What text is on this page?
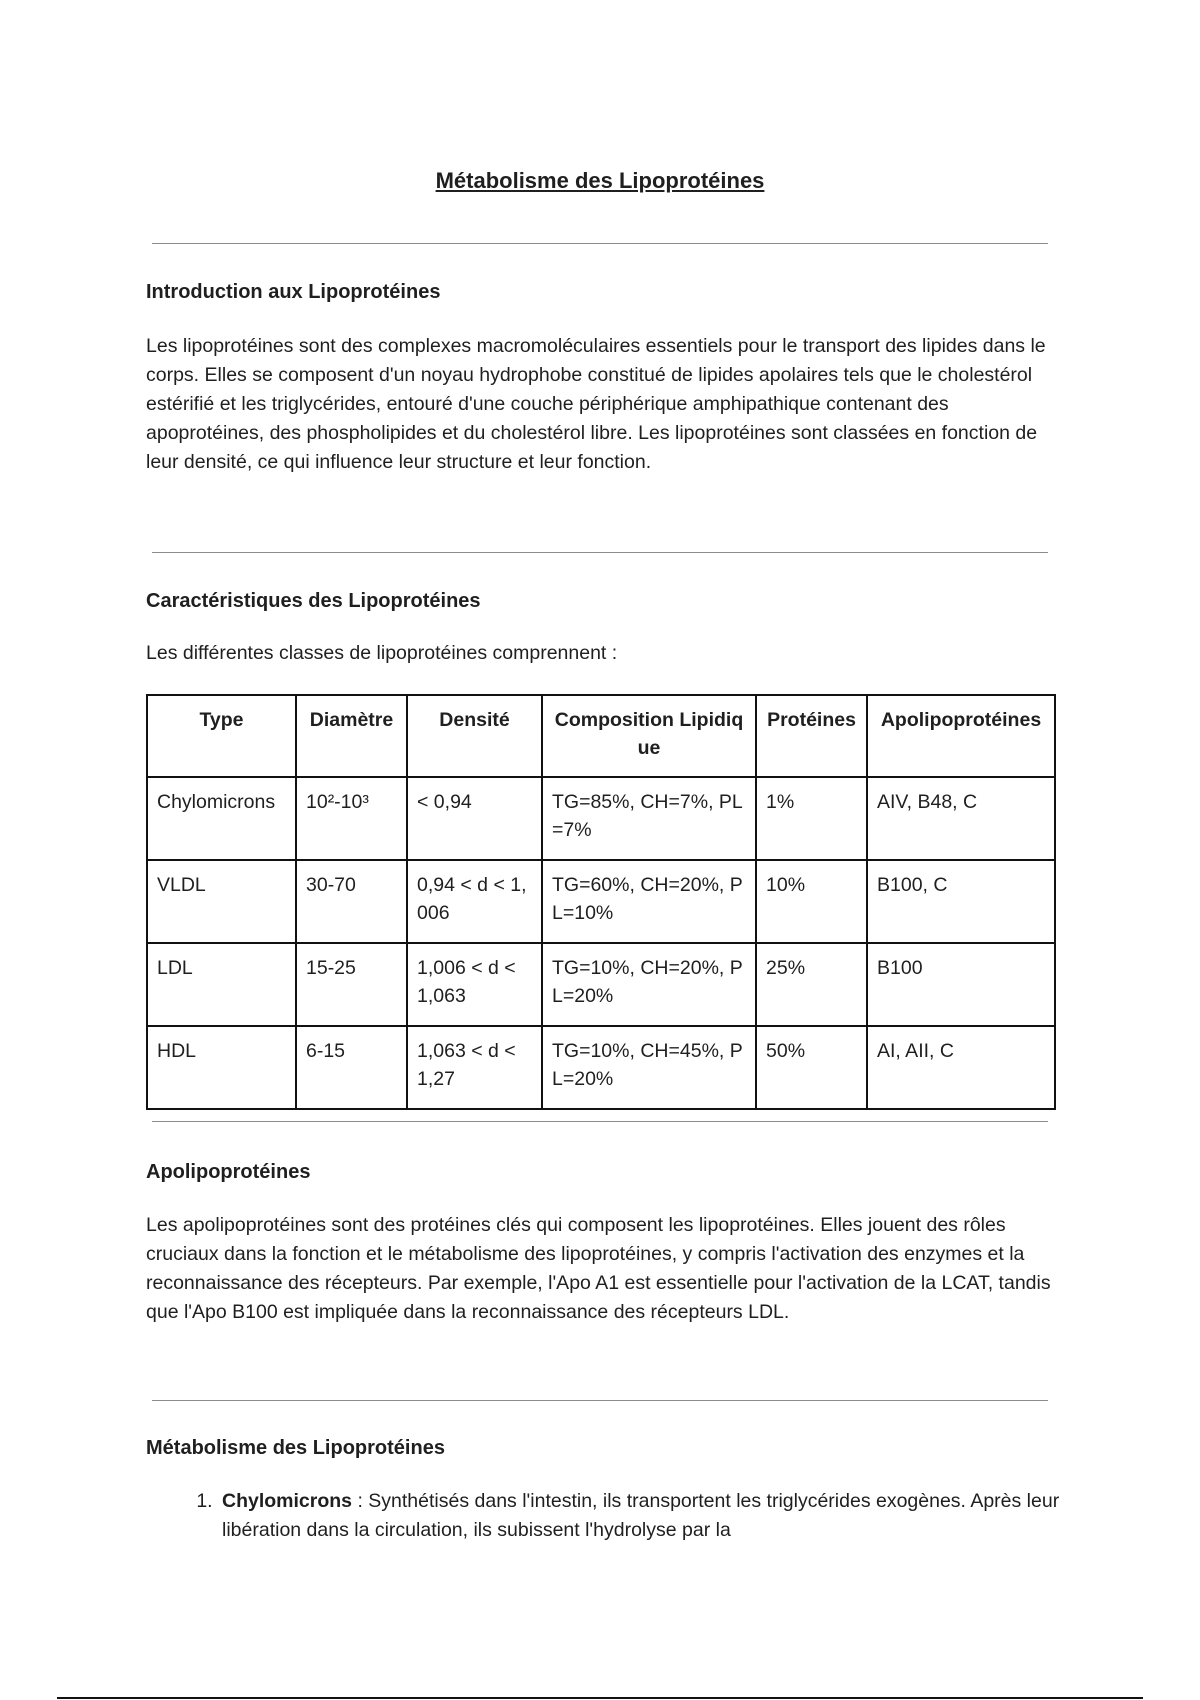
Métabolisme des Lipoprotéines
Introduction aux Lipoprotéines
Les lipoprotéines sont des complexes macromoléculaires essentiels pour le transport des lipides dans le corps. Elles se composent d'un noyau hydrophobe constitué de lipides apolaires tels que le cholestérol estérifié et les triglycérides, entouré d'une couche périphérique amphipathique contenant des apoprotéines, des phospholipides et du cholestérol libre. Les lipoprotéines sont classées en fonction de leur densité, ce qui influence leur structure et leur fonction.
Caractéristiques des Lipoprotéines
Les différentes classes de lipoprotéines comprennent :
Type	Diamètre	Densité	Composition Lipidique	Protéines	Apolipoprotéines
Chylomicrons	10²-10³	< 0,94	TG=85%, CH=7%, PL=7%	1%	AIV, B48, C
VLDL	30-70	0,94 < d < 1,006	TG=60%, CH=20%, PL=10%	10%	B100, C
LDL	15-25	1,006 < d < 1,063	TG=10%, CH=20%, PL=20%	25%	B100
HDL	6-15	1,063 < d < 1,27	TG=10%, CH=45%, PL=20%	50%	AI, AII, C
Apolipoprotéines
Les apolipoprotéines sont des protéines clés qui composent les lipoprotéines. Elles jouent des rôles cruciaux dans la fonction et le métabolisme des lipoprotéines, y compris l'activation des enzymes et la reconnaissance des récepteurs. Par exemple, l'Apo A1 est essentielle pour l'activation de la LCAT, tandis que l'Apo B100 est impliquée dans la reconnaissance des récepteurs LDL.
Métabolisme des Lipoprotéines
1. Chylomicrons : Synthétisés dans l'intestin, ils transportent les triglycérides exogènes. Après leur libération dans la circulation, ils subissent l'hydrolyse par la
